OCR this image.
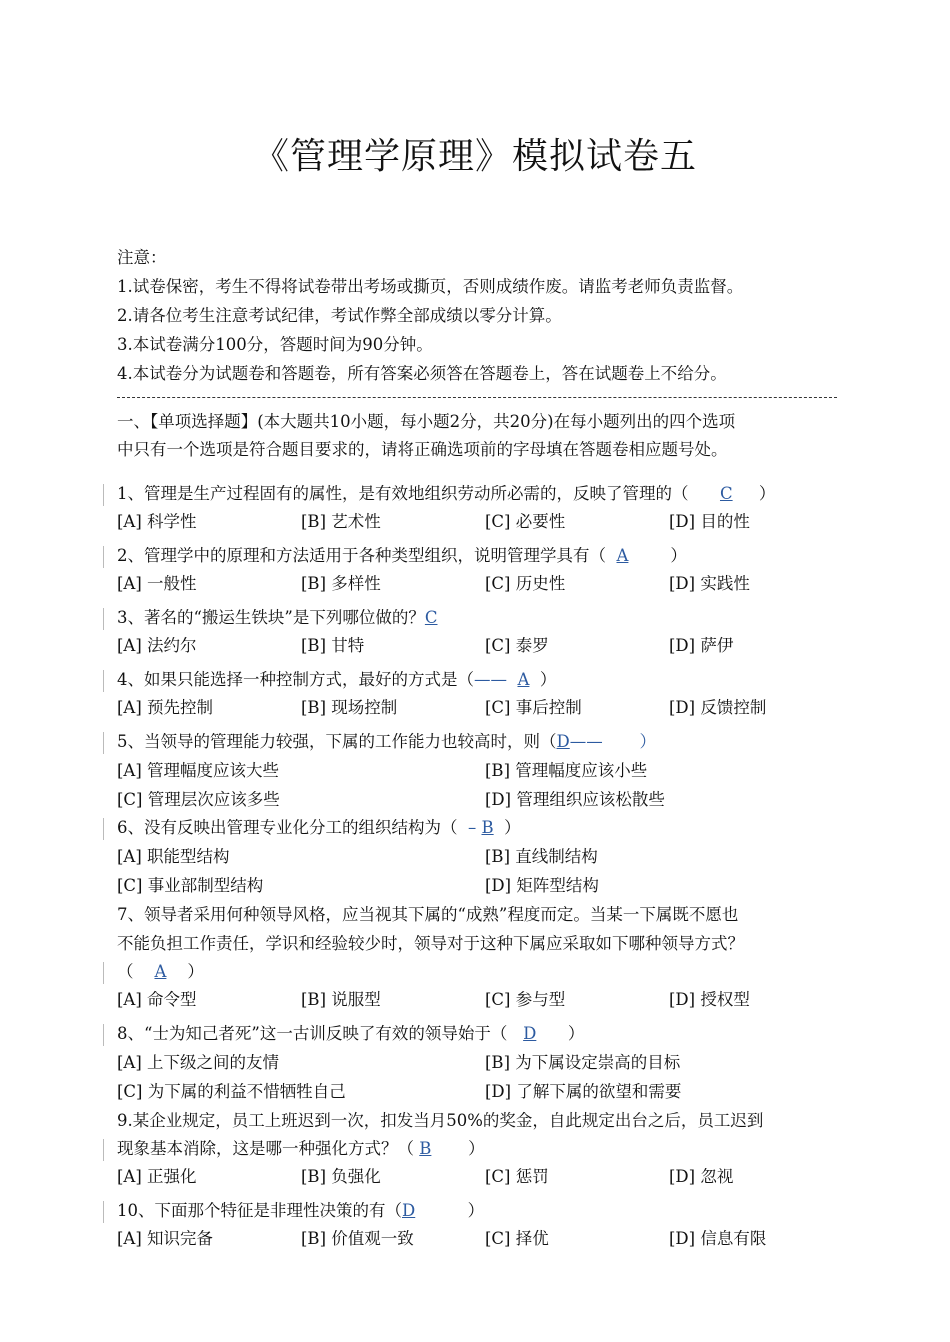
《管理学原理》模拟试卷五
注意：
1.试卷保密，考生不得将试卷带出考场或撕页，否则成绩作废。请监考老师负责监督。
2.请各位考生注意考试纪律，考试作弊全部成绩以零分计算。
3.本试卷满分100分，答题时间为90分钟。
4.本试卷分为试题卷和答题卷，所有答案必须答在答题卷上，答在试题卷上不给分。
一、【单项选择题】(本大题共10小题，每小题2分，共20分)在每小题列出的四个选项
中只有一个选项是符合题目要求的，请将正确选项前的字母填在答题卷相应题号处。
1、管理是生产过程固有的属性，是有效地组织劳动所必需的，反映了管理的（ C     ）
[A] 科学性	[B] 艺术性	[C] 必要性	[D] 目的性
2、管理学中的原理和方法适用于各种类型组织，说明管理学具有（  A        ）
[A] 一般性	[B] 多样性	[C] 历史性	[D] 实践性
3、著名的“搬运生铁块”是下列哪位做的？C
[A] 法约尔	[B] 甘特	[C] 泰罗	[D] 萨伊
4、如果只能选择一种控制方式，最好的方式是（——  A  ）
[A] 预先控制	[B] 现场控制	[C] 事后控制	[D] 反馈控制
5、当领导的管理能力较强，下属的工作能力也较高时，则（D——       ）
[A] 管理幅度应该大些	[B] 管理幅度应该小些
[C] 管理层次应该多些	[D] 管理组织应该松散些
6、没有反映出管理专业化分工的组织结构为（  – B  ）
[A] 职能型结构	[B] 直线制结构
[C] 事业部制型结构	[D] 矩阵型结构
7、领导者采用何种领导风格，应当视其下属的“成熟”程度而定。当某一下属既不愿也
不能负担工作责任，学识和经验较少时，领导对于这种下属应采取如下哪种领导方式？
（    A    ）
[A] 命令型	[B] 说服型	[C] 参与型	[D] 授权型
8、“士为知己者死”这一古训反映了有效的领导始于（   D      ）
[A] 上下级之间的友情	[B] 为下属设定崇高的目标
[C] 为下属的利益不惜牺牲自己	[D] 了解下属的欲望和需要
9.某企业规定，员工上班迟到一次，扣发当月50%的奖金，自此规定出台之后，员工迟到
现象基本消除，这是哪一种强化方式？（ B       ）
[A] 正强化	[B] 负强化	[C] 惩罚	[D] 忽视
10、下面那个特征是非理性决策的有（D          ）
[A] 知识完备	[B] 价值观一致	[C] 择优	[D] 信息有限
